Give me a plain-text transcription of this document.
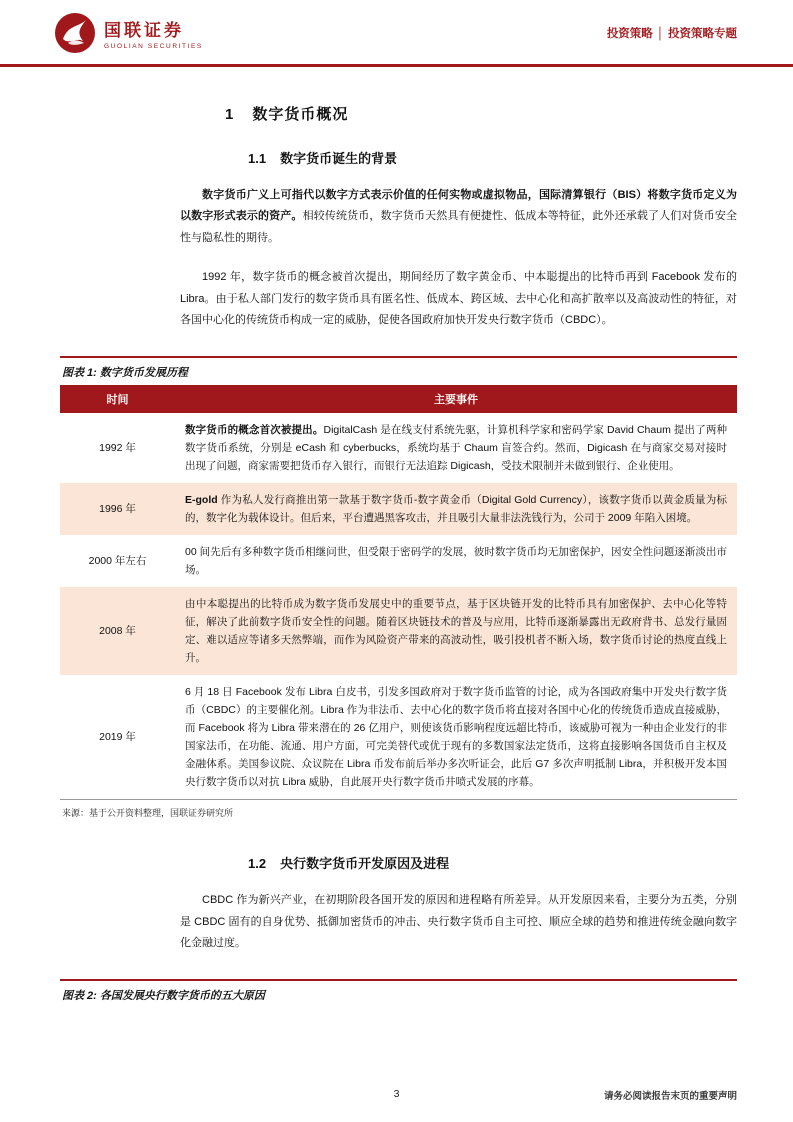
国联证券
GUOLIAN SECURITIES
投资策略 │ 投资策略专题
1 数字货币概况
1.1 数字货币诞生的背景

数字货币广义上可指代以数字方式表示价值的任何实物或虚拟物品，国际清算银行（BIS）将数字货币定义为以数字形式表示的资产。相较传统货币，数字货币天然具有便捷性、低成本等特征，此外还承载了人们对货币安全性与隐私性的期待。

1992 年，数字货币的概念被首次提出，期间经历了数字黄金币、中本聪提出的比特币再到 Facebook 发布的 Libra。由于私人部门发行的数字货币具有匿名性、低成本、跨区域、去中心化和高扩散率以及高波动性的特征，对各国中心化的传统货币构成一定的威胁，促使各国政府加快开发央行数字货币（CBDC）。

图表 1: 数字货币发展历程
时间	主要事件
1992 年	数字货币的概念首次被提出。DigitalCash 是在线支付系统先驱，计算机科学家和密码学家 David Chaum 提出了两种数字货币系统，分别是 eCash 和 cyberbucks，系统均基于 Chaum 盲签合约。然而，Digicash 在与商家交易对接时出现了问题，商家需要把货币存入银行，而银行无法追踪 Digicash，受技术限制并未做到银行、企业使用。
1996 年	E-gold 作为私人发行商推出第一款基于数字货币-数字黄金币（Digital Gold Currency），该数字货币以黄金质量为标的，数字化为载体设计。但后来，平台遭遇黑客攻击，并且吸引大量非法洗钱行为，公司于 2009 年陷入困境。
2000 年左右	00 间先后有多种数字货币相继问世，但受限于密码学的发展，彼时数字货币均无加密保护，因安全性问题逐渐淡出市场。
2008 年	由中本聪提出的比特币成为数字货币发展史中的重要节点，基于区块链开发的比特币具有加密保护、去中心化等特征，解决了此前数字货币安全性的问题。随着区块链技术的普及与应用，比特币逐渐暴露出无政府背书、总发行量固定、难以适应等诸多天然弊端，而作为风险资产带来的高波动性，吸引投机者不断入场，数字货币讨论的热度直线上升。
2019 年	6 月 18 日 Facebook 发布 Libra 白皮书，引发多国政府对于数字货币监管的讨论，成为各国政府集中开发央行数字货币（CBDC）的主要催化剂。Libra 作为非法币、去中心化的数字货币将直接对各国中心化的传统货币造成直接威胁，而 Facebook 将为 Libra 带来潜在的 26 亿用户，则使该货币影响程度远超比特币，该威胁可视为一种由企业发行的非国家法币，在功能、流通、用户方面，可完美替代或优于现有的多数国家法定货币，这将直接影响各国货币自主权及金融体系。美国参议院、众议院在 Libra 币发布前后举办多次听证会，此后 G7 多次声明抵制 Libra，并积极开发本国央行数字货币以对抗 Libra 威胁，自此展开央行数字货币井喷式发展的序幕。
来源：基于公开资料整理，国联证券研究所
1.2 央行数字货币开发原因及进程

CBDC 作为新兴产业，在初期阶段各国开发的原因和进程略有所差异。从开发原因来看，主要分为五类，分别是 CBDC 固有的自身优势、抵御加密货币的冲击、央行数字货币自主可控、顺应全球的趋势和推进传统金融向数字化金融过度。

图表 2: 各国发展央行数字货币的五大原因
3	请务必阅读报告末页的重要声明
